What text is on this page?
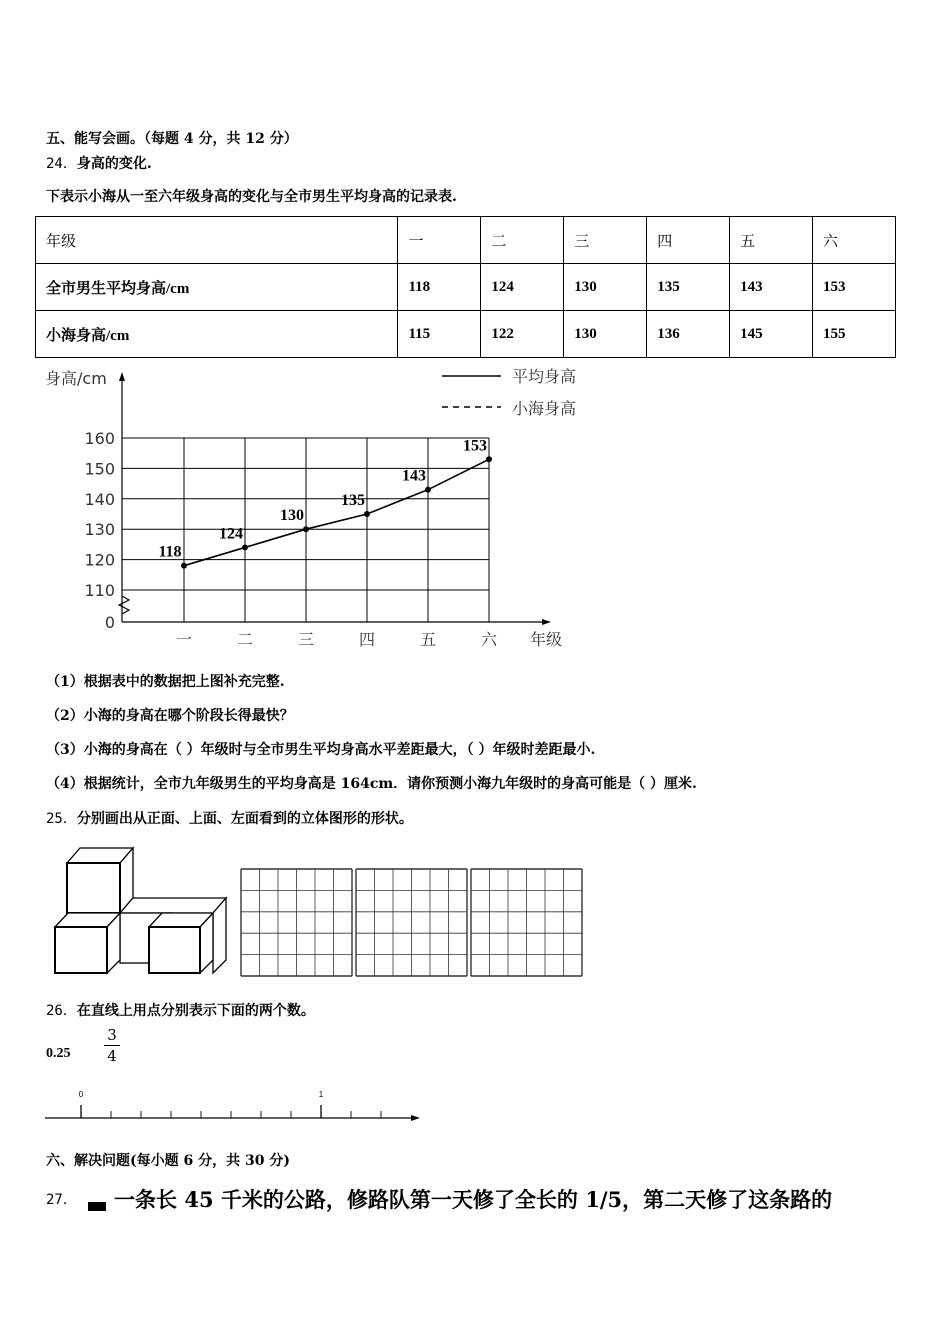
五、能写会画。（每题 4 分，共 12 分）
24．身高的变化.
下表示小海从一至六年级身高的变化与全市男生平均身高的记录表.
年级	一	二	三	四	五	六
全市男生平均身高/cm	118	124	130	135	143	153
小海身高/cm	115	122	130	136	145	155
0
110
120
130
140
150
160
一	二	三	四	五	六
身高/cm
年级
平均身高
小海身高
118
124
130
135
143
153
（1）根据表中的数据把上图补充完整.
（2）小海的身高在哪个阶段长得最快？
（3）小海的身高在（ ）年级时与全市男生平均身高水平差距最大，（ ）年级时差距最小.
（4）根据统计，全市九年级男生的平均身高是 164cm．请你预测小海九年级时的身高可能是（ ）厘米.
25．分别画出从正面、上面、左面看到的立体图形的形状。
26．在直线上用点分别表示下面的两个数。
0.25
3
4
0	1
六、解决问题(每小题 6 分，共 30 分)
27． 一条长 45 千米的公路，修路队第一天修了全长的 1/5，第二天修了这条路的
